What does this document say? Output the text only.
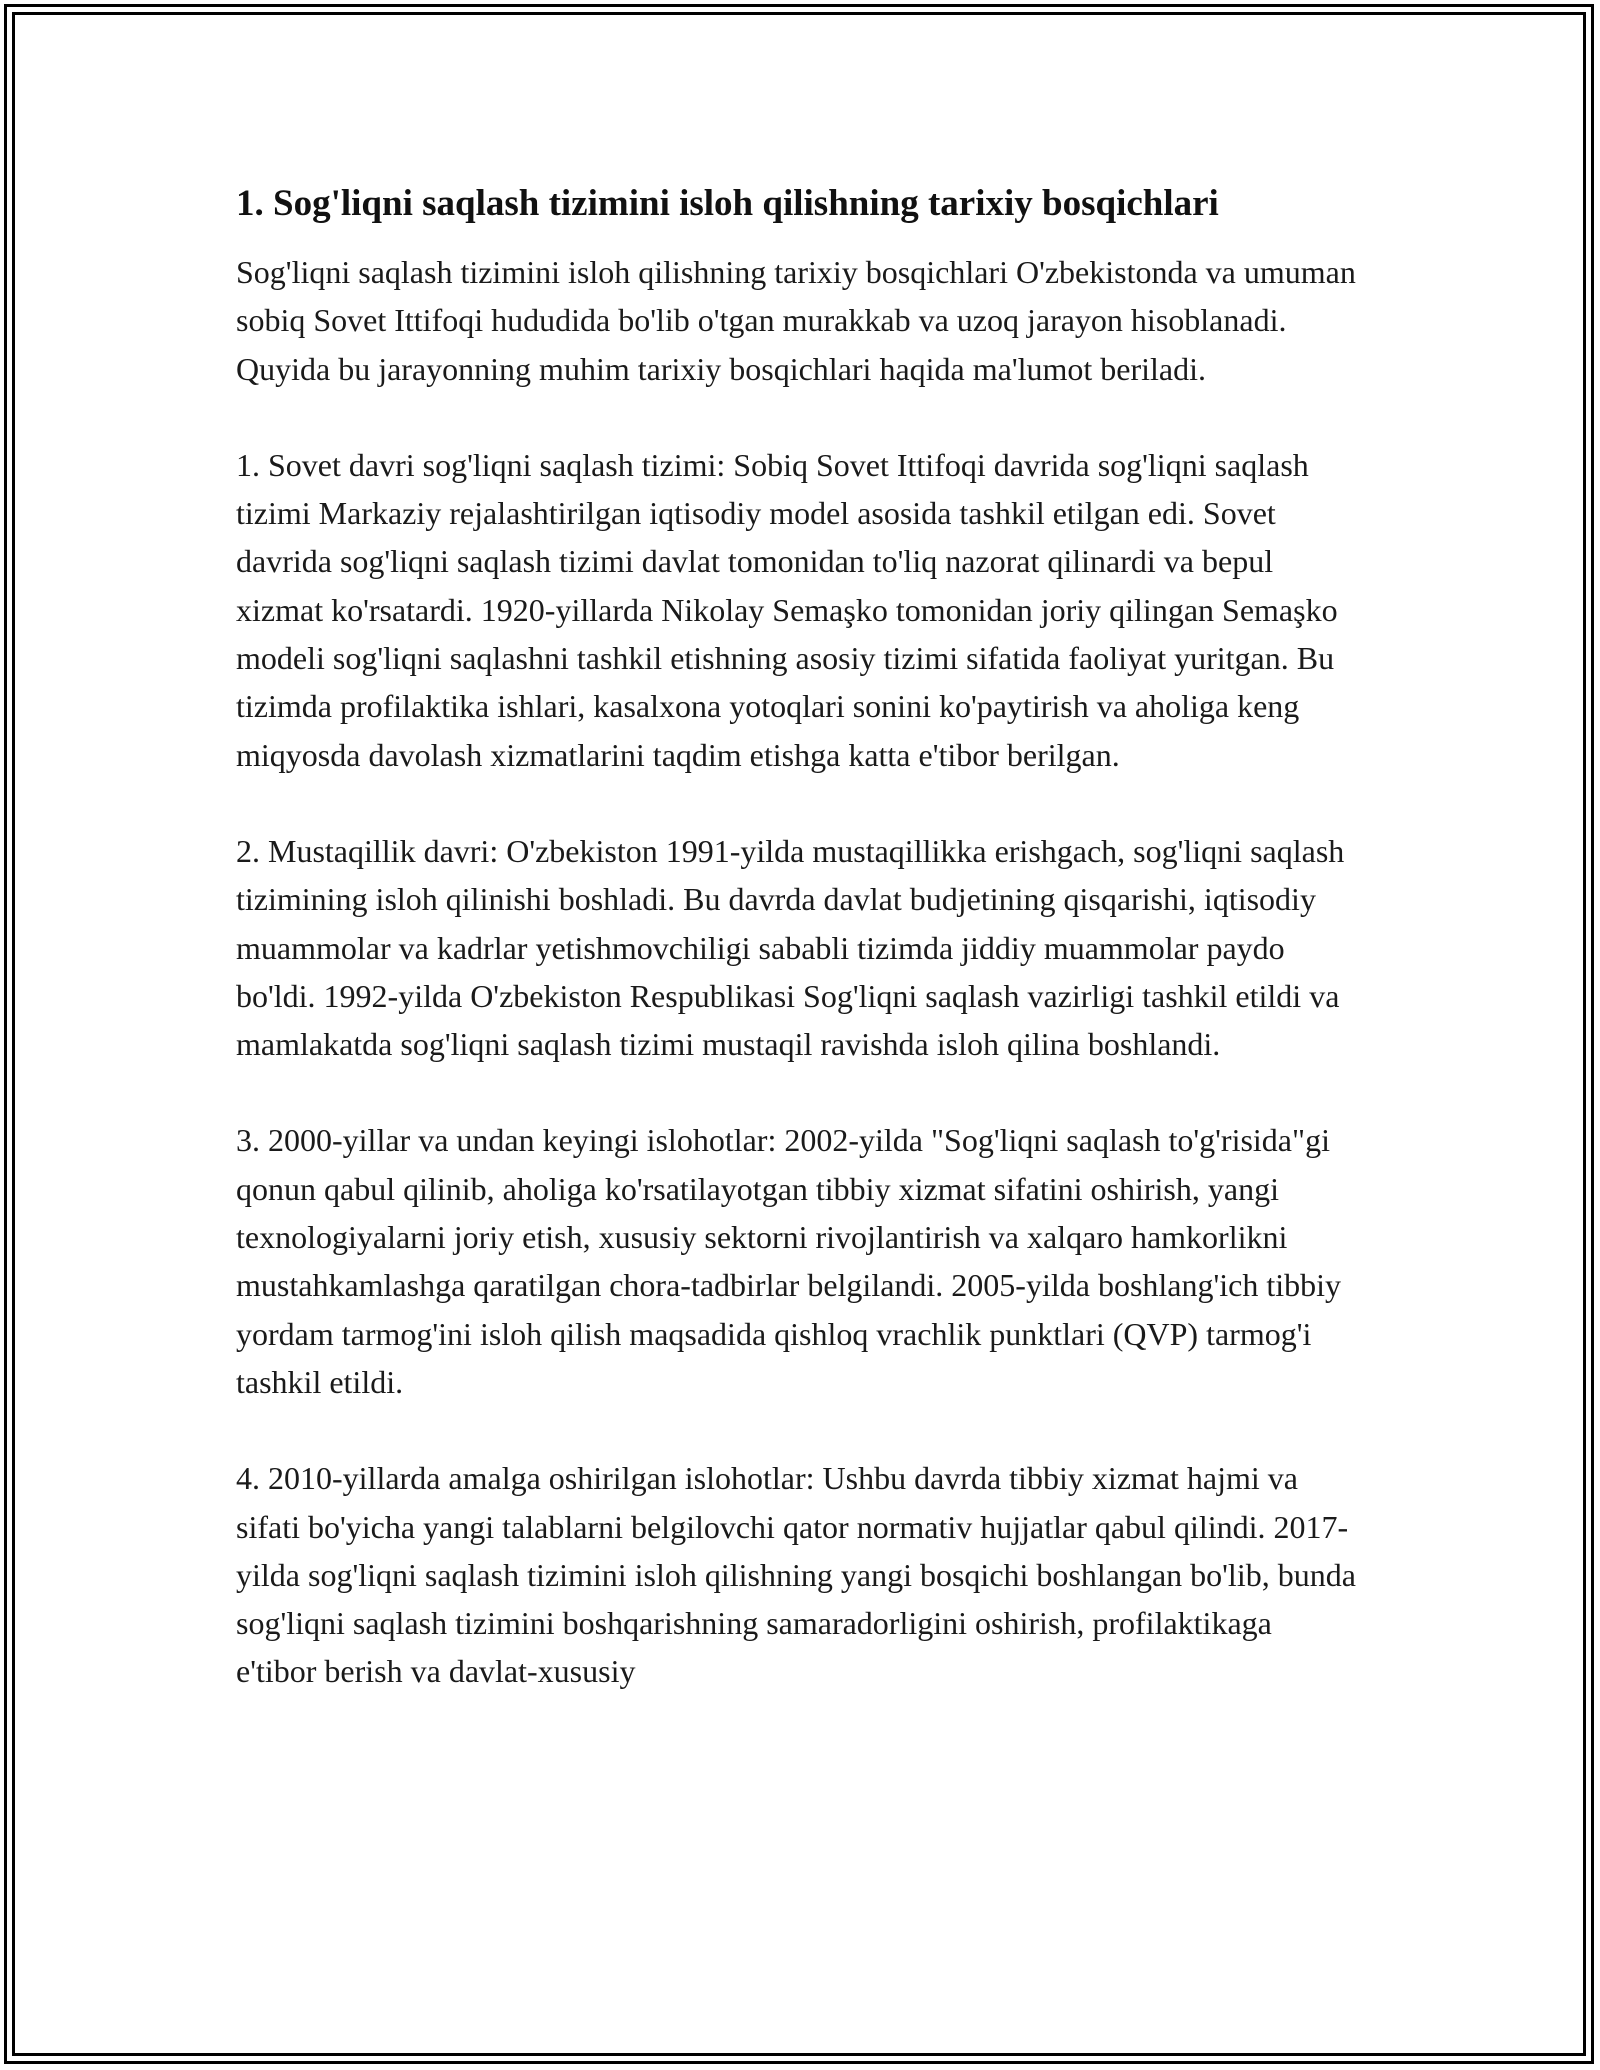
1. Sog'liqni saqlash tizimini isloh qilishning tarixiy bosqichlari

Sog'liqni saqlash tizimini isloh qilishning tarixiy bosqichlari O'zbekistonda va umuman sobiq Sovet Ittifoqi hududida bo'lib o'tgan murakkab va uzoq jarayon hisoblanadi. Quyida bu jarayonning muhim tarixiy bosqichlari haqida ma'lumot beriladi.

1. Sovet davri sog'liqni saqlash tizimi: Sobiq Sovet Ittifoqi davrida sog'liqni saqlash tizimi Markaziy rejalashtirilgan iqtisodiy model asosida tashkil etilgan edi. Sovet davrida sog'liqni saqlash tizimi davlat tomonidan to'liq nazorat qilinardi va bepul xizmat ko'rsatardi. 1920-yillarda Nikolay Semaşko tomonidan joriy qilingan Semaşko modeli sog'liqni saqlashni tashkil etishning asosiy tizimi sifatida faoliyat yuritgan. Bu tizimda profilaktika ishlari, kasalxona yotoqlari sonini ko'paytirish va aholiga keng miqyosda davolash xizmatlarini taqdim etishga katta e'tibor berilgan.

2. Mustaqillik davri: O'zbekiston 1991-yilda mustaqillikka erishgach, sog'liqni saqlash tizimining isloh qilinishi boshladi. Bu davrda davlat budjetining qisqarishi, iqtisodiy muammolar va kadrlar yetishmovchiligi sababli tizimda jiddiy muammolar paydo bo'ldi. 1992-yilda O'zbekiston Respublikasi Sog'liqni saqlash vazirligi tashkil etildi va mamlakatda sog'liqni saqlash tizimi mustaqil ravishda isloh qilina boshlandi.

3. 2000-yillar va undan keyingi islohotlar: 2002-yilda "Sog'liqni saqlash to'g'risida"gi qonun qabul qilinib, aholiga ko'rsatilayotgan tibbiy xizmat sifatini oshirish, yangi texnologiyalarni joriy etish, xususiy sektorni rivojlantirish va xalqaro hamkorlikni mustahkamlashga qaratilgan chora-tadbirlar belgilandi. 2005-yilda boshlang'ich tibbiy yordam tarmog'ini isloh qilish maqsadida qishloq vrachlik punktlari (QVP) tarmog'i tashkil etildi.

4. 2010-yillarda amalga oshirilgan islohotlar: Ushbu davrda tibbiy xizmat hajmi va sifati bo'yicha yangi talablarni belgilovchi qator normativ hujjatlar qabul qilindi. 2017-yilda sog'liqni saqlash tizimini isloh qilishning yangi bosqichi boshlangan bo'lib, bunda sog'liqni saqlash tizimini boshqarishning samaradorligini oshirish, profilaktikaga e'tibor berish va davlat-xususiy
